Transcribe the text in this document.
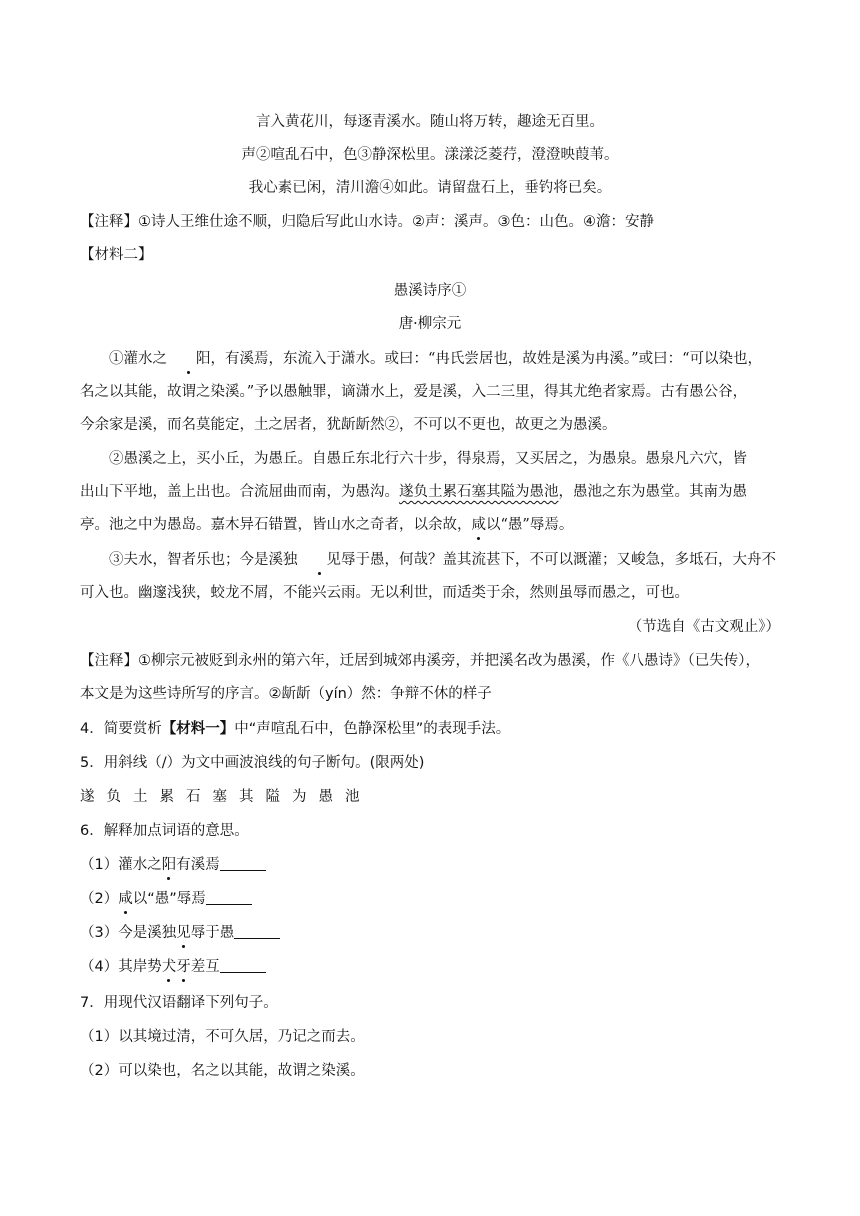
言入黄花川，每逐青溪水。随山将万转，趣途无百里。
声②喧乱石中，色③静深松里。漾漾泛菱荇，澄澄映葭苇。
我心素已闲，清川澹④如此。请留盘石上，垂钓将已矣。
【注释】①诗人王维仕途不顺，归隐后写此山水诗。②声：溪声。③色：山色。④澹：安静
【材料二】
愚溪诗序①
唐·柳宗元
①灌水之 阳，有溪焉，东流入于潇水。或曰：“冉氏尝居也，故姓是溪为冉溪。”或曰：“可以染也，
名之以其能，故谓之染溪。”予以愚触罪，谪潇水上，爱是溪，入二三里，得其尤绝者家焉。古有愚公谷，
今余家是溪，而名莫能定，土之居者，犹龂龂然②，不可以不更也，故更之为愚溪。
②愚溪之上，买小丘，为愚丘。自愚丘东北行六十步，得泉焉，又买居之，为愚泉。愚泉凡六穴，皆
出山下平地，盖上出也。合流屈曲而南，为愚沟。遂负土累石塞其隘为愚池，愚池之东为愚堂。其南为愚
亭。池之中为愚岛。嘉木异石错置，皆山水之奇者，以余故，咸以“愚”辱焉。
③夫水，智者乐也；今是溪独 见辱于愚，何哉？盖其流甚下，不可以溉灌；又峻急，多坻石，大舟不
可入也。幽邃浅狭，蛟龙不屑，不能兴云雨。无以利世，而适类于余，然则虽辱而愚之，可也。
（节选自《古文观止》）
【注释】①柳宗元被贬到永州的第六年，迁居到城郊冉溪旁，并把溪名改为愚溪，作《八愚诗》（已失传），
本文是为这些诗所写的序言。②龂龂（yín）然：争辩不休的样子
4．简要赏析【材料一】中“声喧乱石中，色静深松里”的表现手法。
5．用斜线（/）为文中画波浪线的句子断句。(限两处)
遂负土累石塞其隘为愚池
6．解释加点词语的意思。
（1）灌水之阳有溪焉
（2）咸以“愚”辱焉
（3）今是溪独见辱于愚
（4）其岸势犬牙差互
7．用现代汉语翻译下列句子。
（1）以其境过清，不可久居，乃记之而去。
（2）可以染也，名之以其能，故谓之染溪。
